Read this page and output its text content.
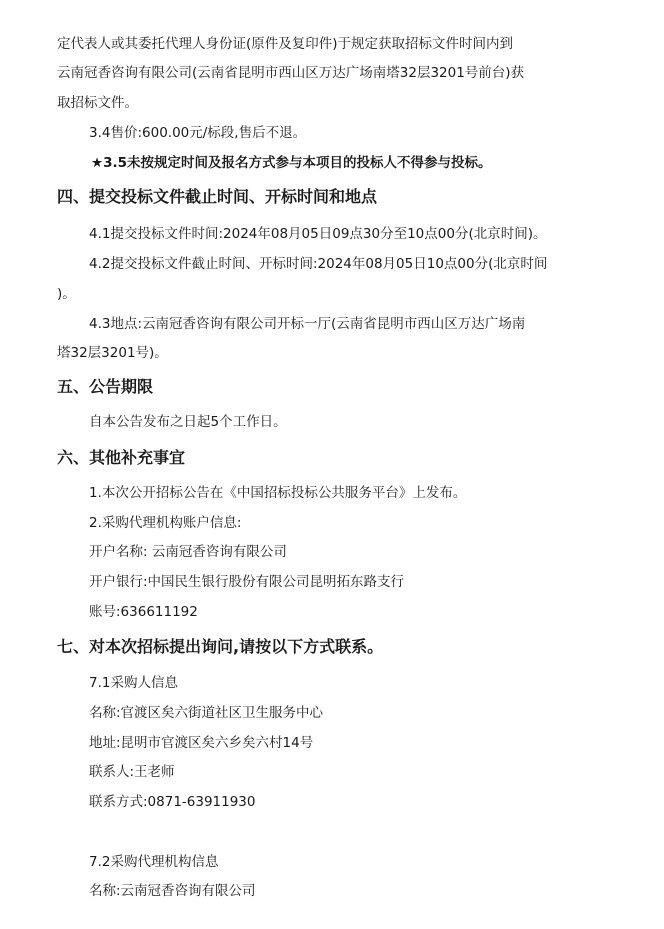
定代表人或其委托代理人身份证(原件及复印件)于规定获取招标文件时间内到
云南冠香咨询有限公司(云南省昆明市西山区万达广场南塔32层3201号前台)获
取招标文件。
3.4售价:600.00元/标段,售后不退。
★3.5未按规定时间及报名方式参与本项目的投标人不得参与投标。
四、提交投标文件截止时间、开标时间和地点
4.1提交投标文件时间:2024年08月05日09点30分至10点00分(北京时间)。
4.2提交投标文件截止时间、开标时间:2024年08月05日10点00分(北京时间
)。
4.3地点:云南冠香咨询有限公司开标一厅(云南省昆明市西山区万达广场南
塔32层3201号)。
五、公告期限
自本公告发布之日起5个工作日。
六、其他补充事宜
1.本次公开招标公告在《中国招标投标公共服务平台》上发布。
2.采购代理机构账户信息:
开户名称: 云南冠香咨询有限公司
开户银行:中国民生银行股份有限公司昆明拓东路支行
账号:636611192
七、对本次招标提出询问,请按以下方式联系。
7.1采购人信息
名称:官渡区矣六街道社区卫生服务中心
地址:昆明市官渡区矣六乡矣六村14号
联系人:王老师
联系方式:0871-63911930
7.2采购代理机构信息
名称:云南冠香咨询有限公司
